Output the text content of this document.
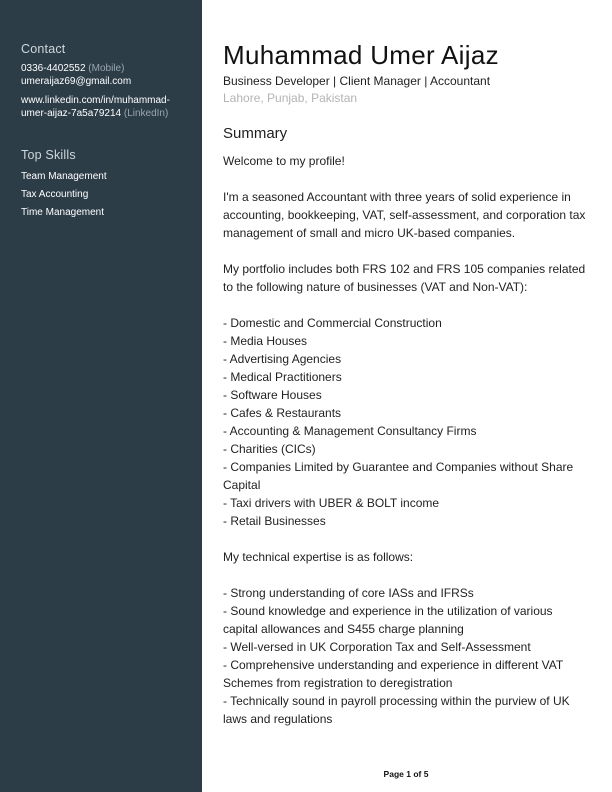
Contact
0336-4402552 (Mobile)
umeraijaz69@gmail.com
www.linkedin.com/in/muhammad-
umer-aijaz-7a5a79214 (LinkedIn)
Top Skills
Team Management
Tax Accounting
Time Management
Muhammad Umer Aijaz
Business Developer | Client Manager | Accountant
Lahore, Punjab, Pakistan
Summary

Welcome to my profile!

I'm a seasoned Accountant with three years of solid experience in

accounting, bookkeeping, VAT, self-assessment, and corporation tax

management of small and micro UK-based companies.

My portfolio includes both FRS 102 and FRS 105 companies related

to the following nature of businesses (VAT and Non-VAT):

- Domestic and Commercial Construction

- Media Houses

- Advertising Agencies

- Medical Practitioners

- Software Houses

- Cafes & Restaurants

- Accounting & Management Consultancy Firms

- Charities (CICs)

- Companies Limited by Guarantee and Companies without Share

Capital

- Taxi drivers with UBER & BOLT income

- Retail Businesses

My technical expertise is as follows:

- Strong understanding of core IASs and IFRSs

- Sound knowledge and experience in the utilization of various

capital allowances and S455 charge planning

- Well-versed in UK Corporation Tax and Self-Assessment

- Comprehensive understanding and experience in different VAT

Schemes from registration to deregistration

- Technically sound in payroll processing within the purview of UK

laws and regulations

Page 1 of 5
